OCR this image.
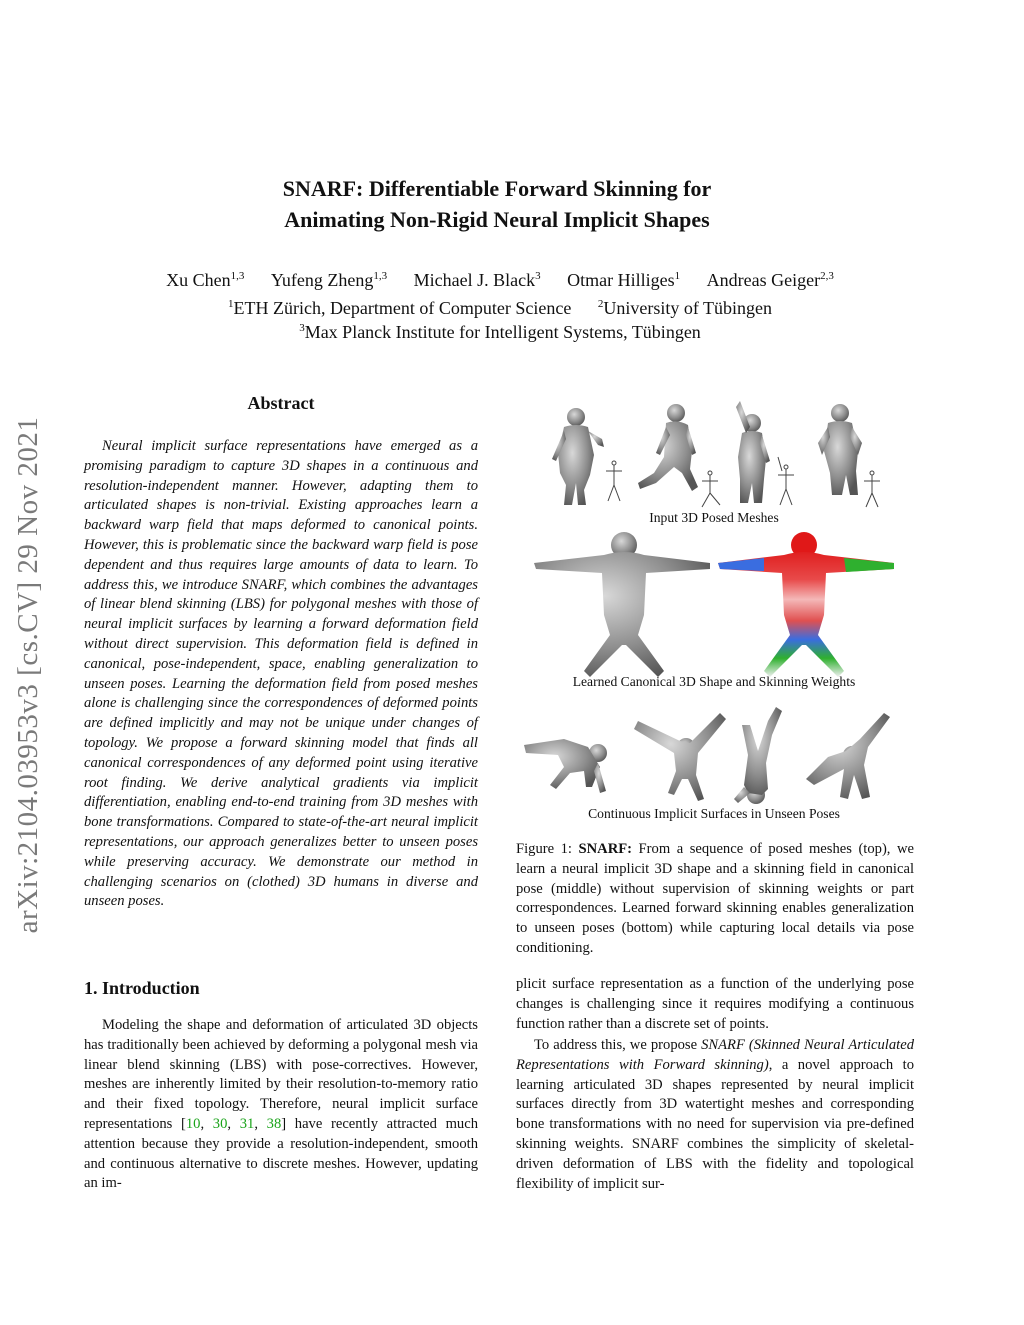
arXiv:2104.03953v3 [cs.CV] 29 Nov 2021
SNARF: Differentiable Forward Skinning for
Animating Non-Rigid Neural Implicit Shapes
Xu Chen$^{1,3}$ Yufeng Zheng$^{1,3}$ Michael J. Black$^3$ Otmar Hilliges$^1$ Andreas Geiger$^{2,3}$
$^1$ETH Zürich, Department of Computer Science $^2$University of Tübingen
$^3$Max Planck Institute for Intelligent Systems, Tübingen
Abstract
Neural implicit surface representations have emerged as a promising paradigm to capture 3D shapes in a continuous and resolution-independent manner. However, adapting them to articulated shapes is non-trivial. Existing approaches learn a backward warp field that maps deformed to canonical points. However, this is problematic since the backward warp field is pose dependent and thus requires large amounts of data to learn. To address this, we introduce SNARF, which combines the advantages of linear blend skinning (LBS) for polygonal meshes with those of neural implicit surfaces by learning a forward deformation field without direct supervision. This deformation field is defined in canonical, pose-independent, space, enabling generalization to unseen poses. Learning the deformation field from posed meshes alone is challenging since the correspondences of deformed points are defined implicitly and may not be unique under changes of topology. We propose a forward skinning model that finds all canonical correspondences of any deformed point using iterative root finding. We derive analytical gradients via implicit differentiation, enabling end-to-end training from 3D meshes with bone transformations. Compared to state-of-the-art neural implicit representations, our approach generalizes better to unseen poses while preserving accuracy. We demonstrate our method in challenging scenarios on (clothed) 3D humans in diverse and unseen poses.
1. Introduction
Modeling the shape and deformation of articulated 3D objects has traditionally been achieved by deforming a polygonal mesh via linear blend skinning (LBS) with pose-correctives. However, meshes are inherently limited by their resolution-to-memory ratio and their fixed topology. Therefore, neural implicit surface representations [10, 30, 31, 38] have recently attracted much attention because they provide a resolution-independent, smooth and continuous alternative to discrete meshes. However, updating an im-
Input 3D Posed Meshes
Learned Canonical 3D Shape and Skinning Weights
Continuous Implicit Surfaces in Unseen Poses
Figure 1: SNARF: From a sequence of posed meshes (top), we learn a neural implicit 3D shape and a skinning field in canonical pose (middle) without supervision of skinning weights or part correspondences. Learned forward skinning enables generalization to unseen poses (bottom) while capturing local details via pose conditioning.
plicit surface representation as a function of the underlying pose changes is challenging since it requires modifying a continuous function rather than a discrete set of points.
To address this, we propose SNARF (Skinned Neural Articulated Representations with Forward skinning), a novel approach to learning articulated 3D shapes represented by neural implicit surfaces directly from 3D watertight meshes and corresponding bone transformations with no need for supervision via pre-defined skinning weights. SNARF combines the simplicity of skeletal-driven deformation of LBS with the fidelity and topological flexibility of implicit sur-
